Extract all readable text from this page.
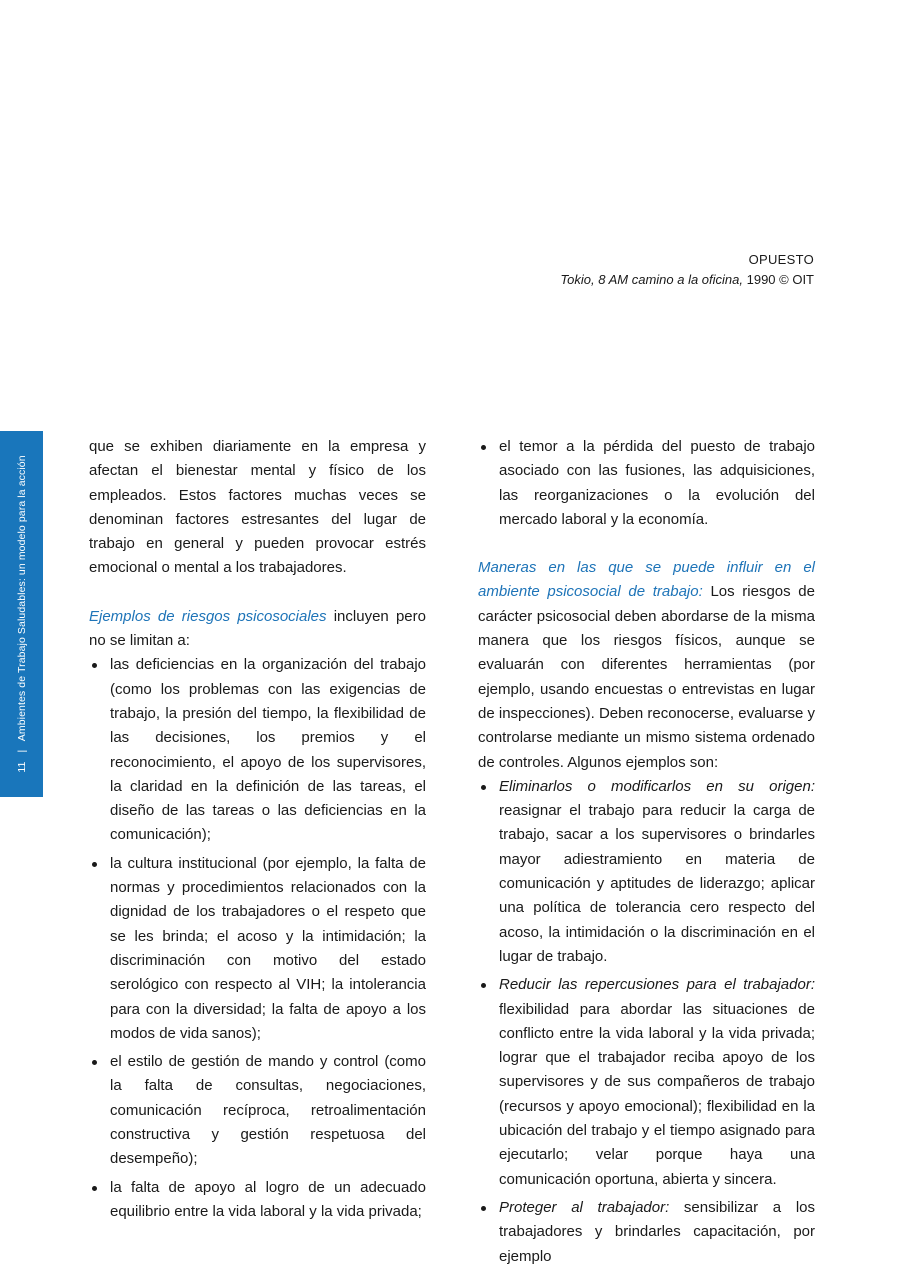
OPUESTO
Tokio, 8 AM camino a la oficina, 1990 © OIT
11 | Ambientes de Trabajo Saludables: un modelo para la acción

que se exhiben diariamente en la empresa y afectan el bienestar mental y físico de los empleados. Estos factores muchas veces se denominan factores estresantes del lugar de trabajo en general y pueden provocar estrés emocional o mental a los trabajadores.

Ejemplos de riesgos psicosociales incluyen pero no se limitan a:

las deficiencias en la organización del trabajo (como los problemas con las exigencias de trabajo, la presión del tiempo, la flexibilidad de las decisiones, los premios y el reconocimiento, el apoyo de los supervisores, la claridad en la definición de las tareas, el diseño de las tareas o las deficiencias en la comunicación);
la cultura institucional (por ejemplo, la falta de normas y procedimientos relacionados con la dignidad de los trabajadores o el respeto que se les brinda; el acoso y la intimidación; la discriminación con motivo del estado serológico con respecto al VIH; la intolerancia para con la diversidad; la falta de apoyo a los modos de vida sanos);
el estilo de gestión de mando y control (como la falta de consultas, negociaciones, comunicación recíproca, retroalimentación constructiva y gestión respetuosa del desempeño);
la falta de apoyo al logro de un adecuado equilibrio entre la vida laboral y la vida privada;
el temor a la pérdida del puesto de trabajo asociado con las fusiones, las adquisiciones, las reorganizaciones o la evolución del mercado laboral y la economía.

Maneras en las que se puede influir en el ambiente psicosocial de trabajo: Los riesgos de carácter psicosocial deben abordarse de la misma manera que los riesgos físicos, aunque se evaluarán con diferentes herramientas (por ejemplo, usando encuestas o entrevistas en lugar de inspecciones). Deben reconocerse, evaluarse y controlarse mediante un mismo sistema ordenado de controles. Algunos ejemplos son:

Eliminarlos o modificarlos en su origen: reasignar el trabajo para reducir la carga de trabajo, sacar a los supervisores o brindarles mayor adiestramiento en materia de comunicación y aptitudes de liderazgo; aplicar una política de tolerancia cero respecto del acoso, la intimidación o la discriminación en el lugar de trabajo.
Reducir las repercusiones para el trabajador: flexibilidad para abordar las situaciones de conflicto entre la vida laboral y la vida privada; lograr que el trabajador reciba apoyo de los supervisores y de sus compañeros de trabajo (recursos y apoyo emocional); flexibilidad en la ubicación del trabajo y el tiempo asignado para ejecutarlo; velar porque haya una comunicación oportuna, abierta y sincera.
Proteger al trabajador: sensibilizar a los trabajadores y brindarles capacitación, por ejemplo
